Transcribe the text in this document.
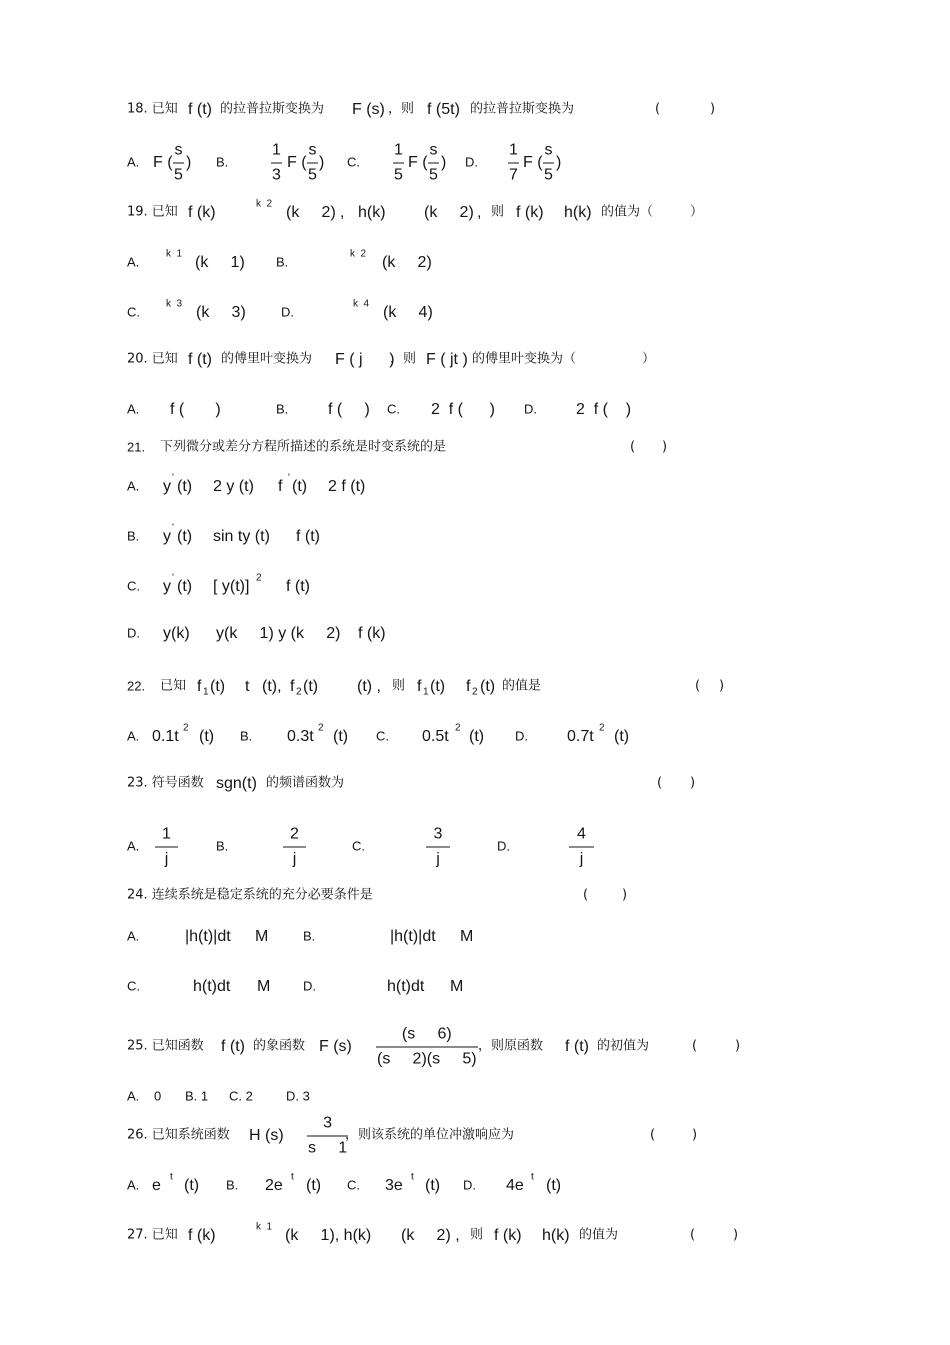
18. 已知 f (t) 的拉普拉斯变换为 F (s) ，则 f (5t) 的拉普拉斯变换为	(	)
A. F ( $\frac{s}{5}$ ) B.	$\frac{1}{3}$ F ( $\frac{s}{5}$ ) C. $\frac{1}{5}$ F ( $\frac{s}{5}$ ) D. $\frac{1}{7}$ F ( $\frac{s}{5}$ )
19. 已知 f (k)
k  2
(k     2) , h(k) (k     2) , 则 f (k) h(k) 的值为（	）
A.
k  1
(k     1) B.
k  2
(k     2)
C.
k  3
(k     3)	D.
k  4
(k     4)
20. 已知 f (t) 的傅里叶变换为 F ( j      )
，则 F ( jt ) 的傅里叶变换为（	）
A. f (       )	B. f (     ) C. 2  f (      ) D. 2  f (    )
21. 下列微分或差分方程所描述的系统是时变系统的是	( )
A. y
'
(t) 2 y (t) f
'
(t) 2 f (t)
B. y
'
(t) sin ty (t) f (t)
C. y
'
(t) [ y(t)]
2
f (t)
D. y(k) y(k     1) y (k     2) f (k)
22. 已知 f 1 (t) t (t), f 2 (t) (t) , 则 f 1 (t) f 2 (t) 的值是	( )
A. 0.1t
2
(t) B. 0.3t
2
(t) C. 0.5t
2
(t) D. 0.7t
2
(t)
23. 符号函数 sgn(t) 的频谱函数为	( )
A. $\frac{1}{j}$	B.	$\frac{2}{j}$	C.	$\frac{3}{j}$	D.	$\frac{4}{j}$
24. 连续系统是稳定系统的充分必要条件是	(	)
A.	|h(t)|dt M	B.	|h(t)|dt M
C.	h(t)dt M	D.	h(t)dt M
25. 已知函数 f (t) 的象函数 F $(s) \frac{(s 6)}{(s 2)(s 5)}$ ，则原函数 f (t) 的初值为	(	)
A. 0 B. 1 C. 2	D. 3
26. 已知系统函数 H $(s) \frac{3}{s 1}$
，则该系统的单位冲激响应为	(	)
A. e
t
(t) B. 2e
t
(t) C. 3e
t
(t) D. 4e
t
(t)
27. 已知 f (k)
k  1
(k     1), h(k) (k     2) , 则 f (k) h(k) 的值为	(	)
